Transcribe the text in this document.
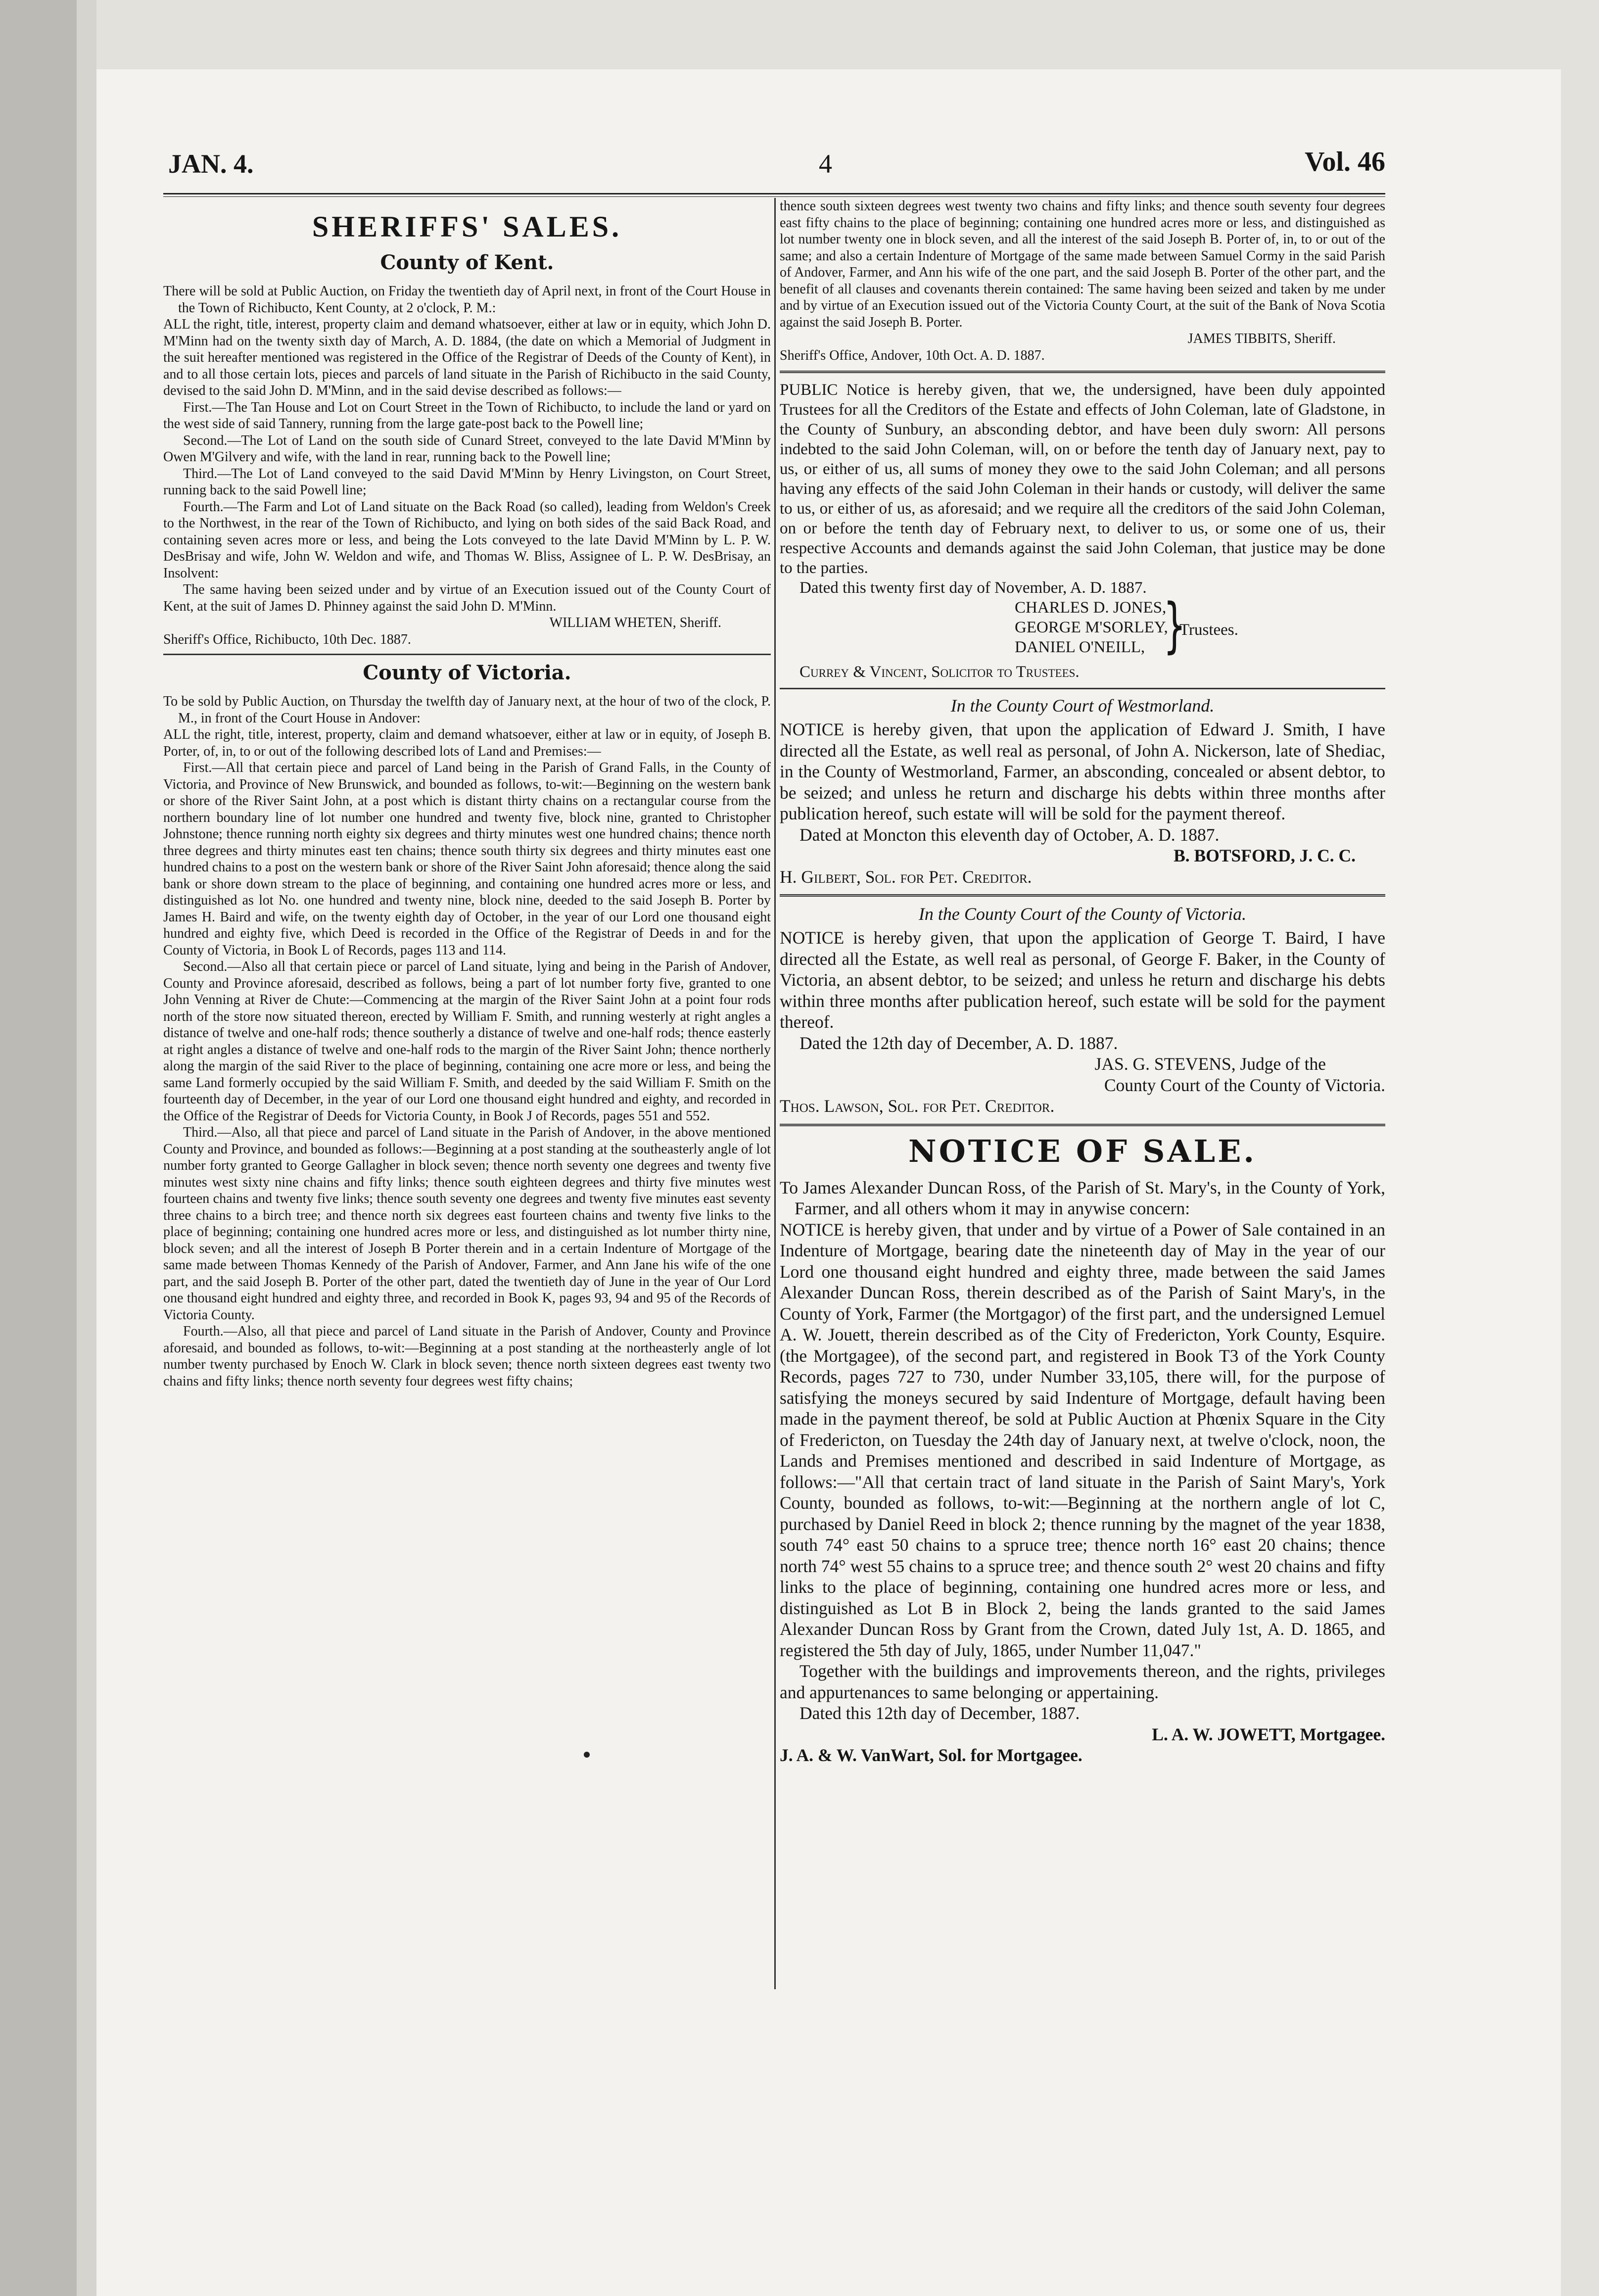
JAN. 4.	4	Vol. 46
SHERIFFS' SALES.
County of Kent.

There will be sold at Public Auction, on Friday the twentieth day of April next, in front of the Court House in the Town of Richibucto, Kent County, at 2 o'clock, P. M.:

ALL the right, title, interest, property claim and demand whatsoever, either at law or in equity, which John D. M'Minn had on the twenty sixth day of March, A. D. 1884, (the date on which a Memorial of Judgment in the suit hereafter mentioned was registered in the Office of the Registrar of Deeds of the County of Kent), in and to all those certain lots, pieces and parcels of land situate in the Parish of Richibucto in the said County, devised to the said John D. M'Minn, and in the said devise described as follows:—

First.—The Tan House and Lot on Court Street in the Town of Richibucto, to include the land or yard on the west side of said Tannery, running from the large gate-post back to the Powell line;

Second.—The Lot of Land on the south side of Cunard Street, conveyed to the late David M'Minn by Owen M'Gilvery and wife, with the land in rear, running back to the Powell line;

Third.—The Lot of Land conveyed to the said David M'Minn by Henry Livingston, on Court Street, running back to the said Powell line;

Fourth.—The Farm and Lot of Land situate on the Back Road (so called), leading from Weldon's Creek to the Northwest, in the rear of the Town of Richibucto, and lying on both sides of the said Back Road, and containing seven acres more or less, and being the Lots conveyed to the late David M'Minn by L. P. W. DesBrisay and wife, John W. Weldon and wife, and Thomas W. Bliss, Assignee of L. P. W. DesBrisay, an Insolvent:

The same having been seized under and by virtue of an Execution issued out of the County Court of Kent, at the suit of James D. Phinney against the said John D. M'Minn.

WILLIAM WHETEN, Sheriff.

Sheriff's Office, Richibucto, 10th Dec. 1887.

County of Victoria.

To be sold by Public Auction, on Thursday the twelfth day of January next, at the hour of two of the clock, P. M., in front of the Court House in Andover:

ALL the right, title, interest, property, claim and demand whatsoever, either at law or in equity, of Joseph B. Porter, of, in, to or out of the following described lots of Land and Premises:—

First.—All that certain piece and parcel of Land being in the Parish of Grand Falls, in the County of Victoria, and Province of New Brunswick, and bounded as follows, to-wit:—Beginning on the western bank or shore of the River Saint John, at a post which is distant thirty chains on a rectangular course from the northern boundary line of lot number one hundred and twenty five, block nine, granted to Christopher Johnstone; thence running north eighty six degrees and thirty minutes west one hundred chains; thence north three degrees and thirty minutes east ten chains; thence south thirty six degrees and thirty minutes east one hundred chains to a post on the western bank or shore of the River Saint John aforesaid; thence along the said bank or shore down stream to the place of beginning, and containing one hundred acres more or less, and distinguished as lot No. one hundred and twenty nine, block nine, deeded to the said Joseph B. Porter by James H. Baird and wife, on the twenty eighth day of October, in the year of our Lord one thousand eight hundred and eighty five, which Deed is recorded in the Office of the Registrar of Deeds in and for the County of Victoria, in Book L of Records, pages 113 and 114.

Second.—Also all that certain piece or parcel of Land situate, lying and being in the Parish of Andover, County and Province aforesaid, described as follows, being a part of lot number forty five, granted to one John Venning at River de Chute:—Commencing at the margin of the River Saint John at a point four rods north of the store now situated thereon, erected by William F. Smith, and running westerly at right angles a distance of twelve and one-half rods; thence southerly a distance of twelve and one-half rods; thence easterly at right angles a distance of twelve and one-half rods to the margin of the River Saint John; thence northerly along the margin of the said River to the place of beginning, containing one acre more or less, and being the same Land formerly occupied by the said William F. Smith, and deeded by the said William F. Smith on the fourteenth day of December, in the year of our Lord one thousand eight hundred and eighty, and recorded in the Office of the Registrar of Deeds for Victoria County, in Book J of Records, pages 551 and 552.

Third.—Also, all that piece and parcel of Land situate in the Parish of Andover, in the above mentioned County and Province, and bounded as follows:—Beginning at a post standing at the southeasterly angle of lot number forty granted to George Gallagher in block seven; thence north seventy one degrees and twenty five minutes west sixty nine chains and fifty links; thence south eighteen degrees and thirty five minutes west fourteen chains and twenty five links; thence south seventy one degrees and twenty five minutes east seventy three chains to a birch tree; and thence north six degrees east fourteen chains and twenty five links to the place of beginning; containing one hundred acres more or less, and distinguished as lot number thirty nine, block seven; and all the interest of Joseph B Porter therein and in a certain Indenture of Mortgage of the same made between Thomas Kennedy of the Parish of Andover, Farmer, and Ann Jane his wife of the one part, and the said Joseph B. Porter of the other part, dated the twentieth day of June in the year of Our Lord one thousand eight hundred and eighty three, and recorded in Book K, pages 93, 94 and 95 of the Records of Victoria County.

Fourth.—Also, all that piece and parcel of Land situate in the Parish of Andover, County and Province aforesaid, and bounded as follows, to-wit:—Beginning at a post standing at the northeasterly angle of lot number twenty purchased by Enoch W. Clark in block seven; thence north sixteen degrees east twenty two chains and fifty links; thence north seventy four degrees west fifty chains;

thence south sixteen degrees west twenty two chains and fifty links; and thence south seventy four degrees east fifty chains to the place of beginning; containing one hundred acres more or less, and distinguished as lot number twenty one in block seven, and all the interest of the said Joseph B. Porter of, in, to or out of the same; and also a certain Indenture of Mortgage of the same made between Samuel Cormy in the said Parish of Andover, Farmer, and Ann his wife of the one part, and the said Joseph B. Porter of the other part, and the benefit of all clauses and covenants therein contained: The same having been seized and taken by me under and by virtue of an Execution issued out of the Victoria County Court, at the suit of the Bank of Nova Scotia against the said Joseph B. Porter.

JAMES TIBBITS, Sheriff.

Sheriff's Office, Andover, 10th Oct. A. D. 1887.

PUBLIC Notice is hereby given, that we, the undersigned, have been duly appointed Trustees for all the Creditors of the Estate and effects of John Coleman, late of Gladstone, in the County of Sunbury, an absconding debtor, and have been duly sworn: All persons indebted to the said John Coleman, will, on or before the tenth day of January next, pay to us, or either of us, all sums of money they owe to the said John Coleman; and all persons having any effects of the said John Coleman in their hands or custody, will deliver the same to us, or either of us, as aforesaid; and we require all the creditors of the said John Coleman, on or before the tenth day of February next, to deliver to us, or some one of us, their respective Accounts and demands against the said John Coleman, that justice may be done to the parties.

Dated this twenty first day of November, A. D. 1887.

CHARLES D. JONES,
GEORGE M'SORLEY,
DANIEL O'NEILL, }
Trustees.

Currey & Vincent, Solicitor to Trustees.

In the County Court of Westmorland.

NOTICE is hereby given, that upon the application of Edward J. Smith, I have directed all the Estate, as well real as personal, of John A. Nickerson, late of Shediac, in the County of Westmorland, Farmer, an absconding, concealed or absent debtor, to be seized; and unless he return and discharge his debts within three months after publication hereof, such estate will will be sold for the payment thereof.

Dated at Moncton this eleventh day of October, A. D. 1887.

B. BOTSFORD, J. C. C.

H. Gilbert, Sol. for Pet. Creditor.

In the County Court of the County of Victoria.

NOTICE is hereby given, that upon the application of George T. Baird, I have directed all the Estate, as well real as personal, of George F. Baker, in the County of Victoria, an absent debtor, to be seized; and unless he return and discharge his debts within three months after publication hereof, such estate will be sold for the payment thereof.

Dated the 12th day of December, A. D. 1887.

JAS. G. STEVENS, Judge of the

County Court of the County of Victoria.

Thos. Lawson, Sol. for Pet. Creditor.

NOTICE OF SALE.

To James Alexander Duncan Ross, of the Parish of St. Mary's, in the County of York, Farmer, and all others whom it may in anywise concern:

NOTICE is hereby given, that under and by virtue of a Power of Sale contained in an Indenture of Mortgage, bearing date the nineteenth day of May in the year of our Lord one thousand eight hundred and eighty three, made between the said James Alexander Duncan Ross, therein described as of the Parish of Saint Mary's, in the County of York, Farmer (the Mortgagor) of the first part, and the undersigned Lemuel A. W. Jouett, therein described as of the City of Fredericton, York County, Esquire. (the Mortgagee), of the second part, and registered in Book T3 of the York County Records, pages 727 to 730, under Number 33,105, there will, for the purpose of satisfying the moneys secured by said Indenture of Mortgage, default having been made in the payment thereof, be sold at Public Auction at Phœnix Square in the City of Fredericton, on Tuesday the 24th day of January next, at twelve o'clock, noon, the Lands and Premises mentioned and described in said Indenture of Mortgage, as follows:—"All that certain tract of land situate in the Parish of Saint Mary's, York County, bounded as follows, to-wit:—Beginning at the northern angle of lot C, purchased by Daniel Reed in block 2; thence running by the magnet of the year 1838, south 74° east 50 chains to a spruce tree; thence north 16° east 20 chains; thence north 74° west 55 chains to a spruce tree; and thence south 2° west 20 chains and fifty links to the place of beginning, containing one hundred acres more or less, and distinguished as Lot B in Block 2, being the lands granted to the said James Alexander Duncan Ross by Grant from the Crown, dated July 1st, A. D. 1865, and registered the 5th day of July, 1865, under Number 11,047."

Together with the buildings and improvements thereon, and the rights, privileges and appurtenances to same belonging or appertaining.

Dated this 12th day of December, 1887.

L. A. W. JOWETT, Mortgagee.

J. A. & W. VanWart, Sol. for Mortgagee.
